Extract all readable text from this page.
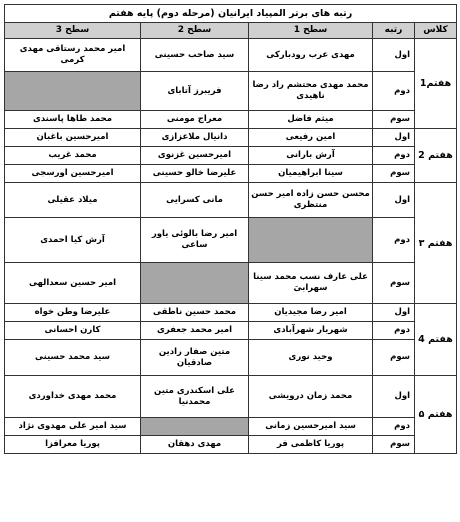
رتبه های برتر المپیاد ایرانیان (مرحله دوم) پایه هفتم				
کلاس	رتبه	سطح 1	سطح 2	سطح 3
هفتم1	اول	مهدی عرب رودبارکی	سید صاحب حسینی	امیر محمد رستاقی مهدی کرمی
	دوم	محمد مهدی محتشم راد رضا ناهیدی	فریبرز آتابای	
	سوم	میثم فاضل	معراج مومنی	محمد طاها پاسندی
هفتم 2	اول	امین رفیعی	دانیال ملاعزازی	امیرحسین باغبان
	دوم	آرش بارانی	امیرحسین غزنوی	محمد غریب
	سوم	سینا ابراهیمیان	علیرضا خالو حسینی	امیرحسین اورسجی
هفتم ۳	اول	محسن حسن زاده امیر حسن منتظری	مانی کسرایی	میلاد عقیلی
	دوم		امیر رضا بالوئی یاور ساعی	آرش کیا احمدی
	سوم	علی عارف نسب محمد سینا سهرابیَ		امیر حسین سعدالهی
هفتم 4	اول	امیر رضا مجیدیان	محمد حسین ناطقی	علیرضا وطن خواه
	دوم	شهریار شهرآبادی	امیر محمد جعفری	کارن احسانی
	سوم	وحید نوری	متین صفار رادین صادقیان	سید محمد حسینی
هفتم ۵	اول	محمد زمان درویشی	علی اسکندری متین محمدنیا	محمد مهدی خداوردی
	دوم	سید امیرحسین زمانی		سید امیر علی مهدوی نژاد
	سوم	پوریا کاظمی فر	مهدی دهقان	پوریا معرافزا
